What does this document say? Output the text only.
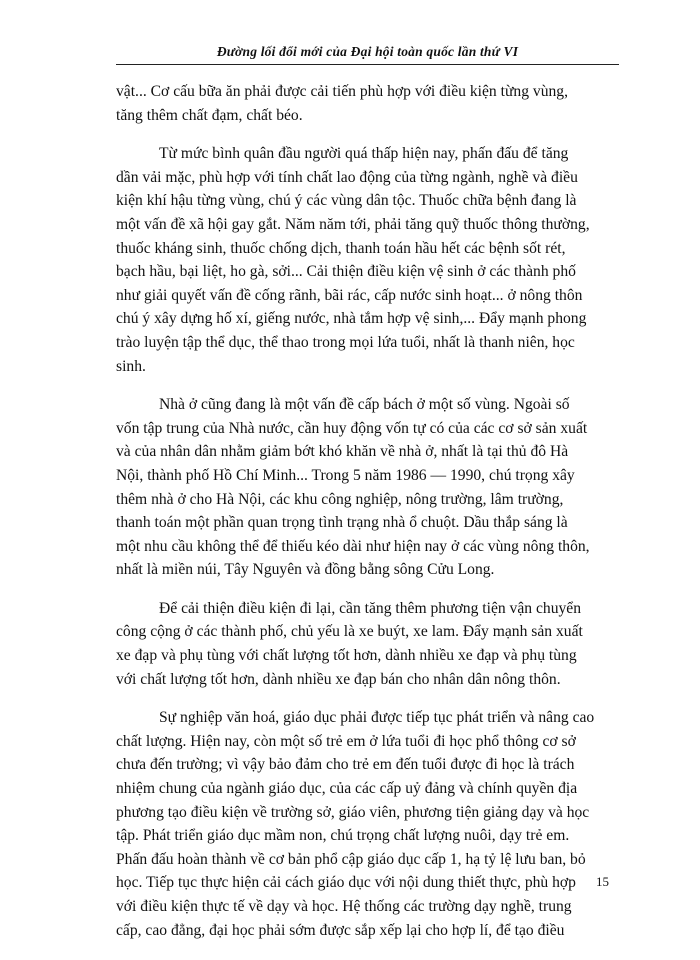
Đường lối đổi mới của Đại hội toàn quốc lần thứ VI
vật... Cơ cấu bữa ăn phải được cải tiến phù hợp với điều kiện từng vùng,
tăng thêm chất đạm, chất béo.
Từ mức bình quân đầu người quá thấp hiện nay, phấn đấu để tăng
dần vải mặc, phù hợp với tính chất lao động của từng ngành, nghề và điều
kiện khí hậu từng vùng, chú ý các vùng dân tộc. Thuốc chữa bệnh đang là
một vấn đề xã hội gay gắt. Năm năm tới, phải tăng quỹ thuốc thông thường,
thuốc kháng sinh, thuốc chống dịch, thanh toán hầu hết các bệnh sốt rét,
bạch hầu, bại liệt, ho gà, sởi... Cải thiện điều kiện vệ sinh ở các thành phố
như giải quyết vấn đề cống rãnh, bãi rác, cấp nước sinh hoạt... ở nông thôn
chú ý xây dựng hố xí, giếng nước, nhà tắm hợp vệ sinh,... Đẩy mạnh phong
trào luyện tập thể dục, thể thao trong mọi lứa tuổi, nhất là thanh niên, học
sinh.
Nhà ở cũng đang là một vấn đề cấp bách ở một số vùng. Ngoài số
vốn tập trung của Nhà nước, cần huy động vốn tự có của các cơ sở sản xuất
và của nhân dân nhằm giảm bớt khó khăn về nhà ở, nhất là tại thủ đô Hà
Nội, thành phố Hồ Chí Minh... Trong 5 năm 1986 — 1990, chú trọng xây
thêm nhà ở cho Hà Nội, các khu công nghiệp, nông trường, lâm trường,
thanh toán một phần quan trọng tình trạng nhà ổ chuột. Dầu thắp sáng là
một nhu cầu không thể để thiếu kéo dài như hiện nay ở các vùng nông thôn,
nhất là miền núi, Tây Nguyên và đồng bằng sông Cửu Long.
Để cải thiện điều kiện đi lại, cần tăng thêm phương tiện vận chuyển
công cộng ở các thành phố, chủ yếu là xe buýt, xe lam. Đẩy mạnh sản xuất
xe đạp và phụ tùng với chất lượng tốt hơn, dành nhiều xe đạp và phụ tùng
với chất lượng tốt hơn, dành nhiều xe đạp bán cho nhân dân nông thôn.
Sự nghiệp văn hoá, giáo dục phải được tiếp tục phát triển và nâng cao
chất lượng. Hiện nay, còn một số trẻ em ở lứa tuổi đi học phổ thông cơ sở
chưa đến trường; vì vậy bảo đảm cho trẻ em đến tuổi được đi học là trách
nhiệm chung của ngành giáo dục, của các cấp uỷ đảng và chính quyền địa
phương tạo điều kiện về trường sở, giáo viên, phương tiện giảng dạy và học
tập. Phát triển giáo dục mầm non, chú trọng chất lượng nuôi, dạy trẻ em.
Phấn đấu hoàn thành về cơ bản phổ cập giáo dục cấp 1, hạ tỷ lệ lưu ban, bỏ
học. Tiếp tục thực hiện cải cách giáo dục với nội dung thiết thực, phù hợp
với điều kiện thực tế về dạy và học. Hệ thống các trường dạy nghề, trung
cấp, cao đẳng, đại học phải sớm được sắp xếp lại cho hợp lí, để tạo điều
15
